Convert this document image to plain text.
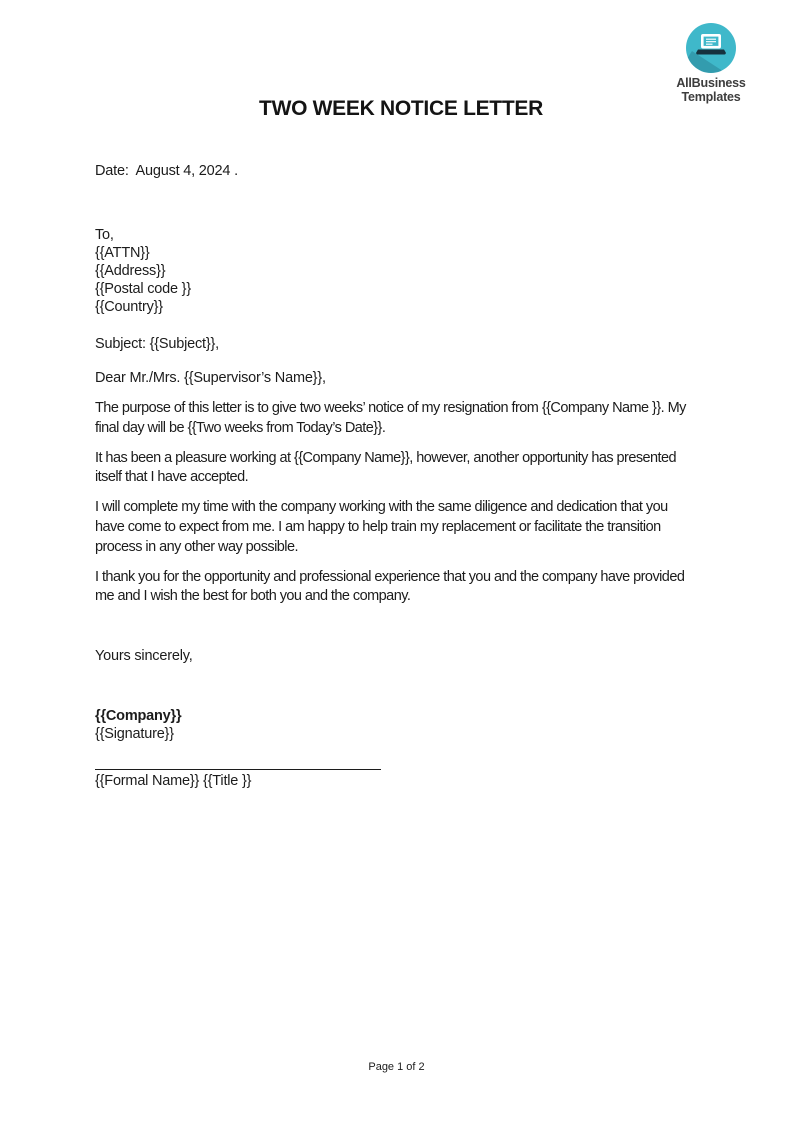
AllBusiness
Templates
TWO WEEK NOTICE LETTER
Date:  August 4, 2024 .
To,
{{ATTN}}
{{Address}}
{{Postal code }}
{{Country}}
Subject: {{Subject}},
Dear Mr./Mrs. {{Supervisor’s Name}},
The purpose of this letter is to give two weeks’ notice of my resignation from {{Company Name }}. My
final day will be {{Two weeks from Today’s Date}}.
It has been a pleasure working at {{Company Name}}, however, another opportunity has presented
itself that I have accepted.
I will complete my time with the company working with the same diligence and dedication that you
have come to expect from me. I am happy to help train my replacement or facilitate the transition
process in any other way possible.
I thank you for the opportunity and professional experience that you and the company have provided
me and I wish the best for both you and the company.
Yours sincerely,
{{Company}}
{{Signature}}
{{Formal Name}} {{Title }}
Page 1 of 2
